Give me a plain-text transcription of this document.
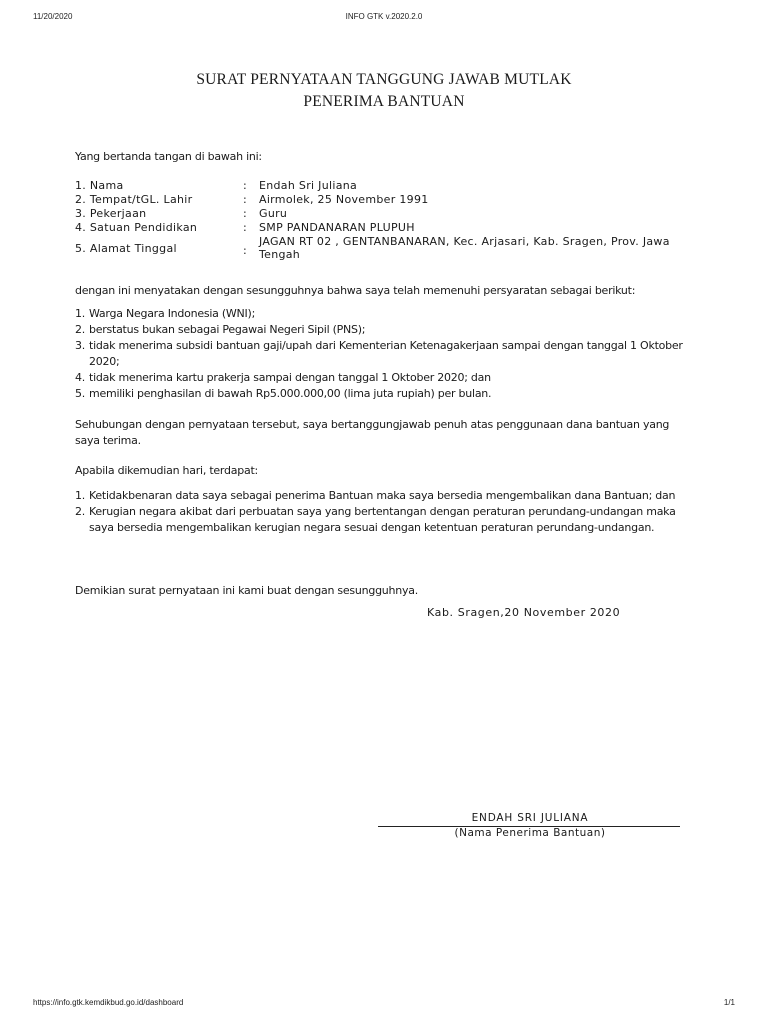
11/20/2020	INFO GTK v.2020.2.0
SURAT PERNYATAAN TANGGUNG JAWAB MUTLAK
PENERIMA BANTUAN
Yang bertanda tangan di bawah ini:
1. Nama	:	Endah Sri Juliana
2. Tempat/tGL. Lahir	:	Airmolek, 25 November 1991
3. Pekerjaan	:	Guru
4. Satuan Pendidikan	:	SMP PANDANARAN PLUPUH
5. Alamat Tinggal	:
JAGAN RT 02 , GENTANBANARAN, Kec. Arjasari, Kab. Sragen, Prov. Jawa Tengah
dengan ini menyatakan dengan sesungguhnya bahwa saya telah memenuhi persyaratan sebagai berikut:
1. Warga Negara Indonesia (WNI);
2. berstatus bukan sebagai Pegawai Negeri Sipil (PNS);
3. tidak menerima subsidi bantuan gaji/upah dari Kementerian Ketenagakerjaan sampai dengan tanggal 1 Oktober 2020;
4. tidak menerima kartu prakerja sampai dengan tanggal 1 Oktober 2020; dan
5. memiliki penghasilan di bawah Rp5.000.000,00 (lima juta rupiah) per bulan.
Sehubungan dengan pernyataan tersebut, saya bertanggungjawab penuh atas penggunaan dana bantuan yang saya terima.
Apabila dikemudian hari, terdapat:
1. Ketidakbenaran data saya sebagai penerima Bantuan maka saya bersedia mengembalikan dana Bantuan; dan
2. Kerugian negara akibat dari perbuatan saya yang bertentangan dengan peraturan perundang-undangan maka saya bersedia mengembalikan kerugian negara sesuai dengan ketentuan peraturan perundang-undangan.
Demikian surat pernyataan ini kami buat dengan sesungguhnya.
Kab. Sragen,20 November 2020
ENDAH SRI JULIANA
(Nama Penerima Bantuan)
https://info.gtk.kemdikbud.go.id/dashboard	1/1
